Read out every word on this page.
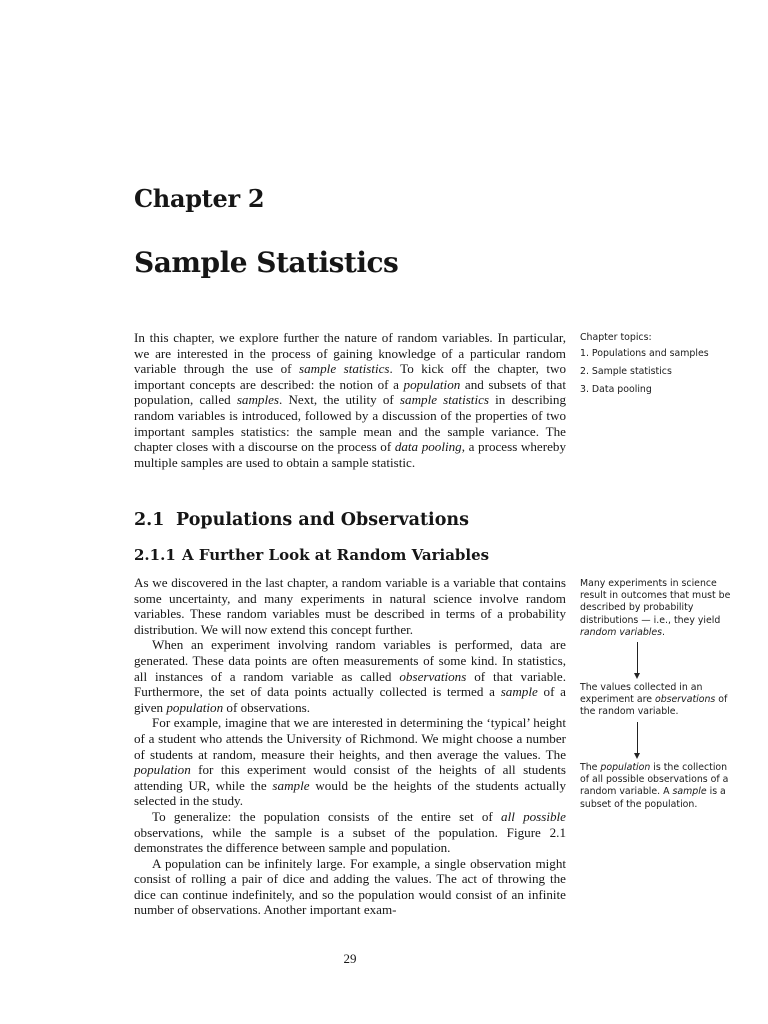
Chapter 2
Sample Statistics

In this chapter, we explore further the nature of random variables. In particular, we are interested in the process of gaining knowledge of a particular random variable through the use of sample statistics. To kick off the chapter, two important concepts are described: the notion of a population and subsets of that population, called samples. Next, the utility of sample statistics in describing random variables is introduced, followed by a discussion of the properties of two important samples statistics: the sample mean and the sample variance. The chapter closes with a discourse on the process of data pooling, a process whereby multiple samples are used to obtain a sample statistic.

Chapter topics:

1. Populations and samples
2. Sample statistics
3. Data pooling
2.1 Populations and Observations
2.1.1 A Further Look at Random Variables

As we discovered in the last chapter, a random variable is a variable that contains some uncertainty, and many experiments in natural science involve random variables. These random variables must be described in terms of a probability distribution. We will now extend this concept further.

When an experiment involving random variables is performed, data are generated. These data points are often measurements of some kind. In statistics, all instances of a random variable as called observations of that variable. Furthermore, the set of data points actually collected is termed a sample of a given population of observations.

For example, imagine that we are interested in determining the ‘typical’ height of a student who attends the University of Richmond. We might choose a number of students at random, measure their heights, and then average the values. The population for this experiment would consist of the heights of all students attending UR, while the sample would be the heights of the students actually selected in the study.

To generalize: the population consists of the entire set of all possible observations, while the sample is a subset of the population. Figure 2.1 demonstrates the difference between sample and population.

A population can be infinitely large. For example, a single observation might consist of rolling a pair of dice and adding the values. The act of throwing the dice can continue indefinitely, and so the population would consist of an infinite number of observations. Another important exam-

Many experiments in science result in outcomes that must be described by probability distributions — i.e., they yield random variables.

The values collected in an experiment are observations of the random variable.

The population is the collection of all possible observations of a random variable. A sample is a subset of the population.

29
